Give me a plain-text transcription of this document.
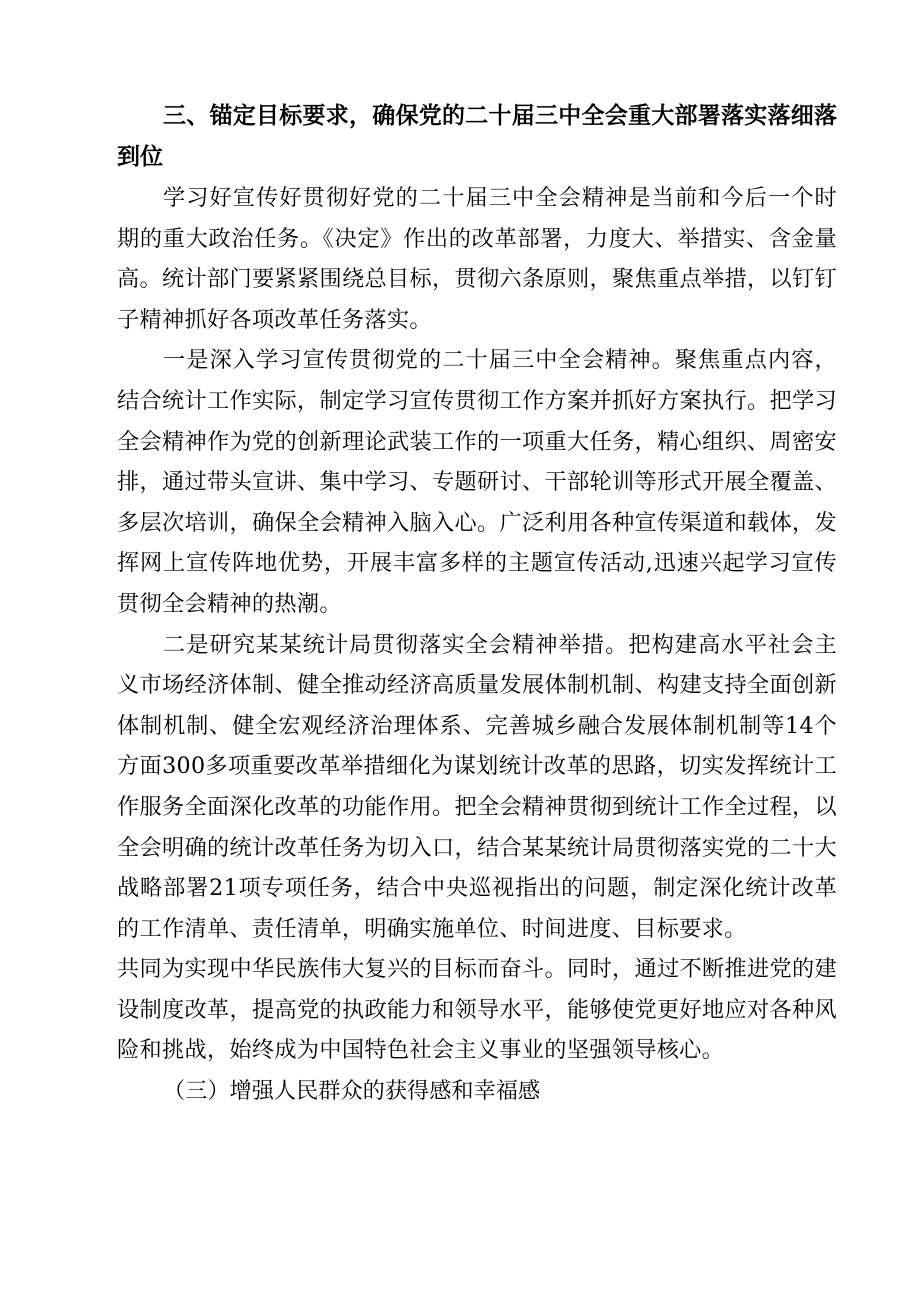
三、锚定目标要求，确保党的二十届三中全会重大部署落实落细落到位

学习好宣传好贯彻好党的二十届三中全会精神是当前和今后一个时期的重大政治任务。《决定》作出的改革部署，力度大、举措实、含金量高。统计部门要紧紧围绕总目标，贯彻六条原则，聚焦重点举措，以钉钉子精神抓好各项改革任务落实。

一是深入学习宣传贯彻党的二十届三中全会精神。聚焦重点内容，结合统计工作实际，制定学习宣传贯彻工作方案并抓好方案执行。把学习全会精神作为党的创新理论武装工作的一项重大任务，精心组织、周密安排，通过带头宣讲、集中学习、专题研讨、干部轮训等形式开展全覆盖、多层次培训，确保全会精神入脑入心。广泛利用各种宣传渠道和载体，发挥网上宣传阵地优势，开展丰富多样的主题宣传活动,迅速兴起学习宣传贯彻全会精神的热潮。

二是研究某某统计局贯彻落实全会精神举措。把构建高水平社会主义市场经济体制、健全推动经济高质量发展体制机制、构建支持全面创新体制机制、健全宏观经济治理体系、完善城乡融合发展体制机制等14个方面300多项重要改革举措细化为谋划统计改革的思路，切实发挥统计工作服务全面深化改革的功能作用。把全会精神贯彻到统计工作全过程，以全会明确的统计改革任务为切入口，结合某某统计局贯彻落实党的二十大战略部署21项专项任务，结合中央巡视指出的问题，制定深化统计改革的工作清单、责任清单，明确实施单位、时间进度、目标要求。

共同为实现中华民族伟大复兴的目标而奋斗。同时，通过不断推进党的建设制度改革，提高党的执政能力和领导水平，能够使党更好地应对各种风险和挑战，始终成为中国特色社会主义事业的坚强领导核心。

（三）增强人民群众的获得感和幸福感
